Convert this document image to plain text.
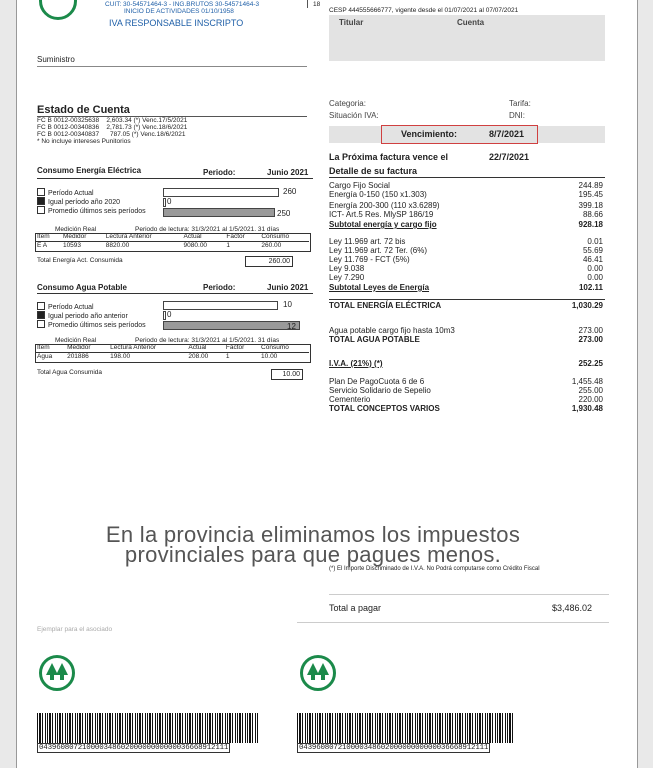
CUIT: 30-54571464-3 - ING.BRUTOS 30-54571464-3
INICIO DE ACTIVIDADES 01/10/1958
IVA RESPONSABLE INSCRIPTO
18
CESP 444555666777, vigente desde el 01/07/2021 al 07/07/2021
Titular	Cuenta
Suministro
Categoria:
Situación IVA:
Tarifa:
DNI:
Vencimiento:	8/7/2021
La Próxima factura vence el	22/7/2021
Estado de Cuenta
FC B 0012-00325638    2,603.34 (*) Venc.17/5/2021
FC B 0012-00340836    2,781.73 (*) Venc.18/6/2021
FC B 0012-00340837      787.05 (*) Venc.18/6/2021
* No incluye intereses Punitorios
Consumo Energía Eléctrica	Periodo:	Junio 2021
Período Actual
Igual período año 2020
Promedio últimos seis períodos
260
0
250
Medición Real	Periodo de lectura: 31/3/2021 al 1/5/2021. 31 días
Item	Medidor	Lectura Anterior	Actual	Factor	Consumo
E A	10593	8820.00	9080.00	1	260.00
Total Energía Act. Consumida	260.00
Consumo Agua Potable	Periodo:	Junio 2021
Período Actual
Igual periodo año anterior
Promedio últimos seis períodos
10
0
12
Medición Real	Periodo de lectura: 31/3/2021 al 1/5/2021. 31 días
Item	Medidor	Lectura Anterior	Actual	Factor	Consumo
Agua	201886	198.00	208.00	1	10.00
Total Agua Consumida	10.00
Detalle de su factura
Cargo Fijo Social	244.89
Energía 0-150 (150 x1.303)	195.45
Energía 200-300 (110 x3.6289)	399.18
ICT- Art.5 Res. MlySP 186/19	88.66
Subtotal energía y cargo fijo	928.18
Ley 11.969 art. 72 bis	0.01
Ley 11.969 art. 72 Ter. (6%)	55.69
Ley 11.769 - FCT (5%)	46.41
Ley 9.038	0.00
Ley 7.290	0.00
Subtotal Leyes de Energía	102.11
TOTAL ENERGÍA ELÉCTRICA	1,030.29
Agua potable cargo fijo hasta 10m3	273.00
TOTAL AGUA POTABLE	273.00
I.V.A. (21%) (*)	252.25
Plan De PagoCuota 6 de 6	1,455.48
Servicio Solidario de Sepelio	255.00
Cementerio	220.00
TOTAL CONCEPTOS VARIOS	1,930.48
En la provincia eliminamos los impuestos
provinciales para que pagues menos.
(*) El Importe Discriminado de I.V.A. No Podrá computarse como Crédito Fiscal
Total a pagar	$3,486.02
Ejemplar para el asociado
04396080721000034860200000000000036668912111	04396080721000034860200000000000036668912111
